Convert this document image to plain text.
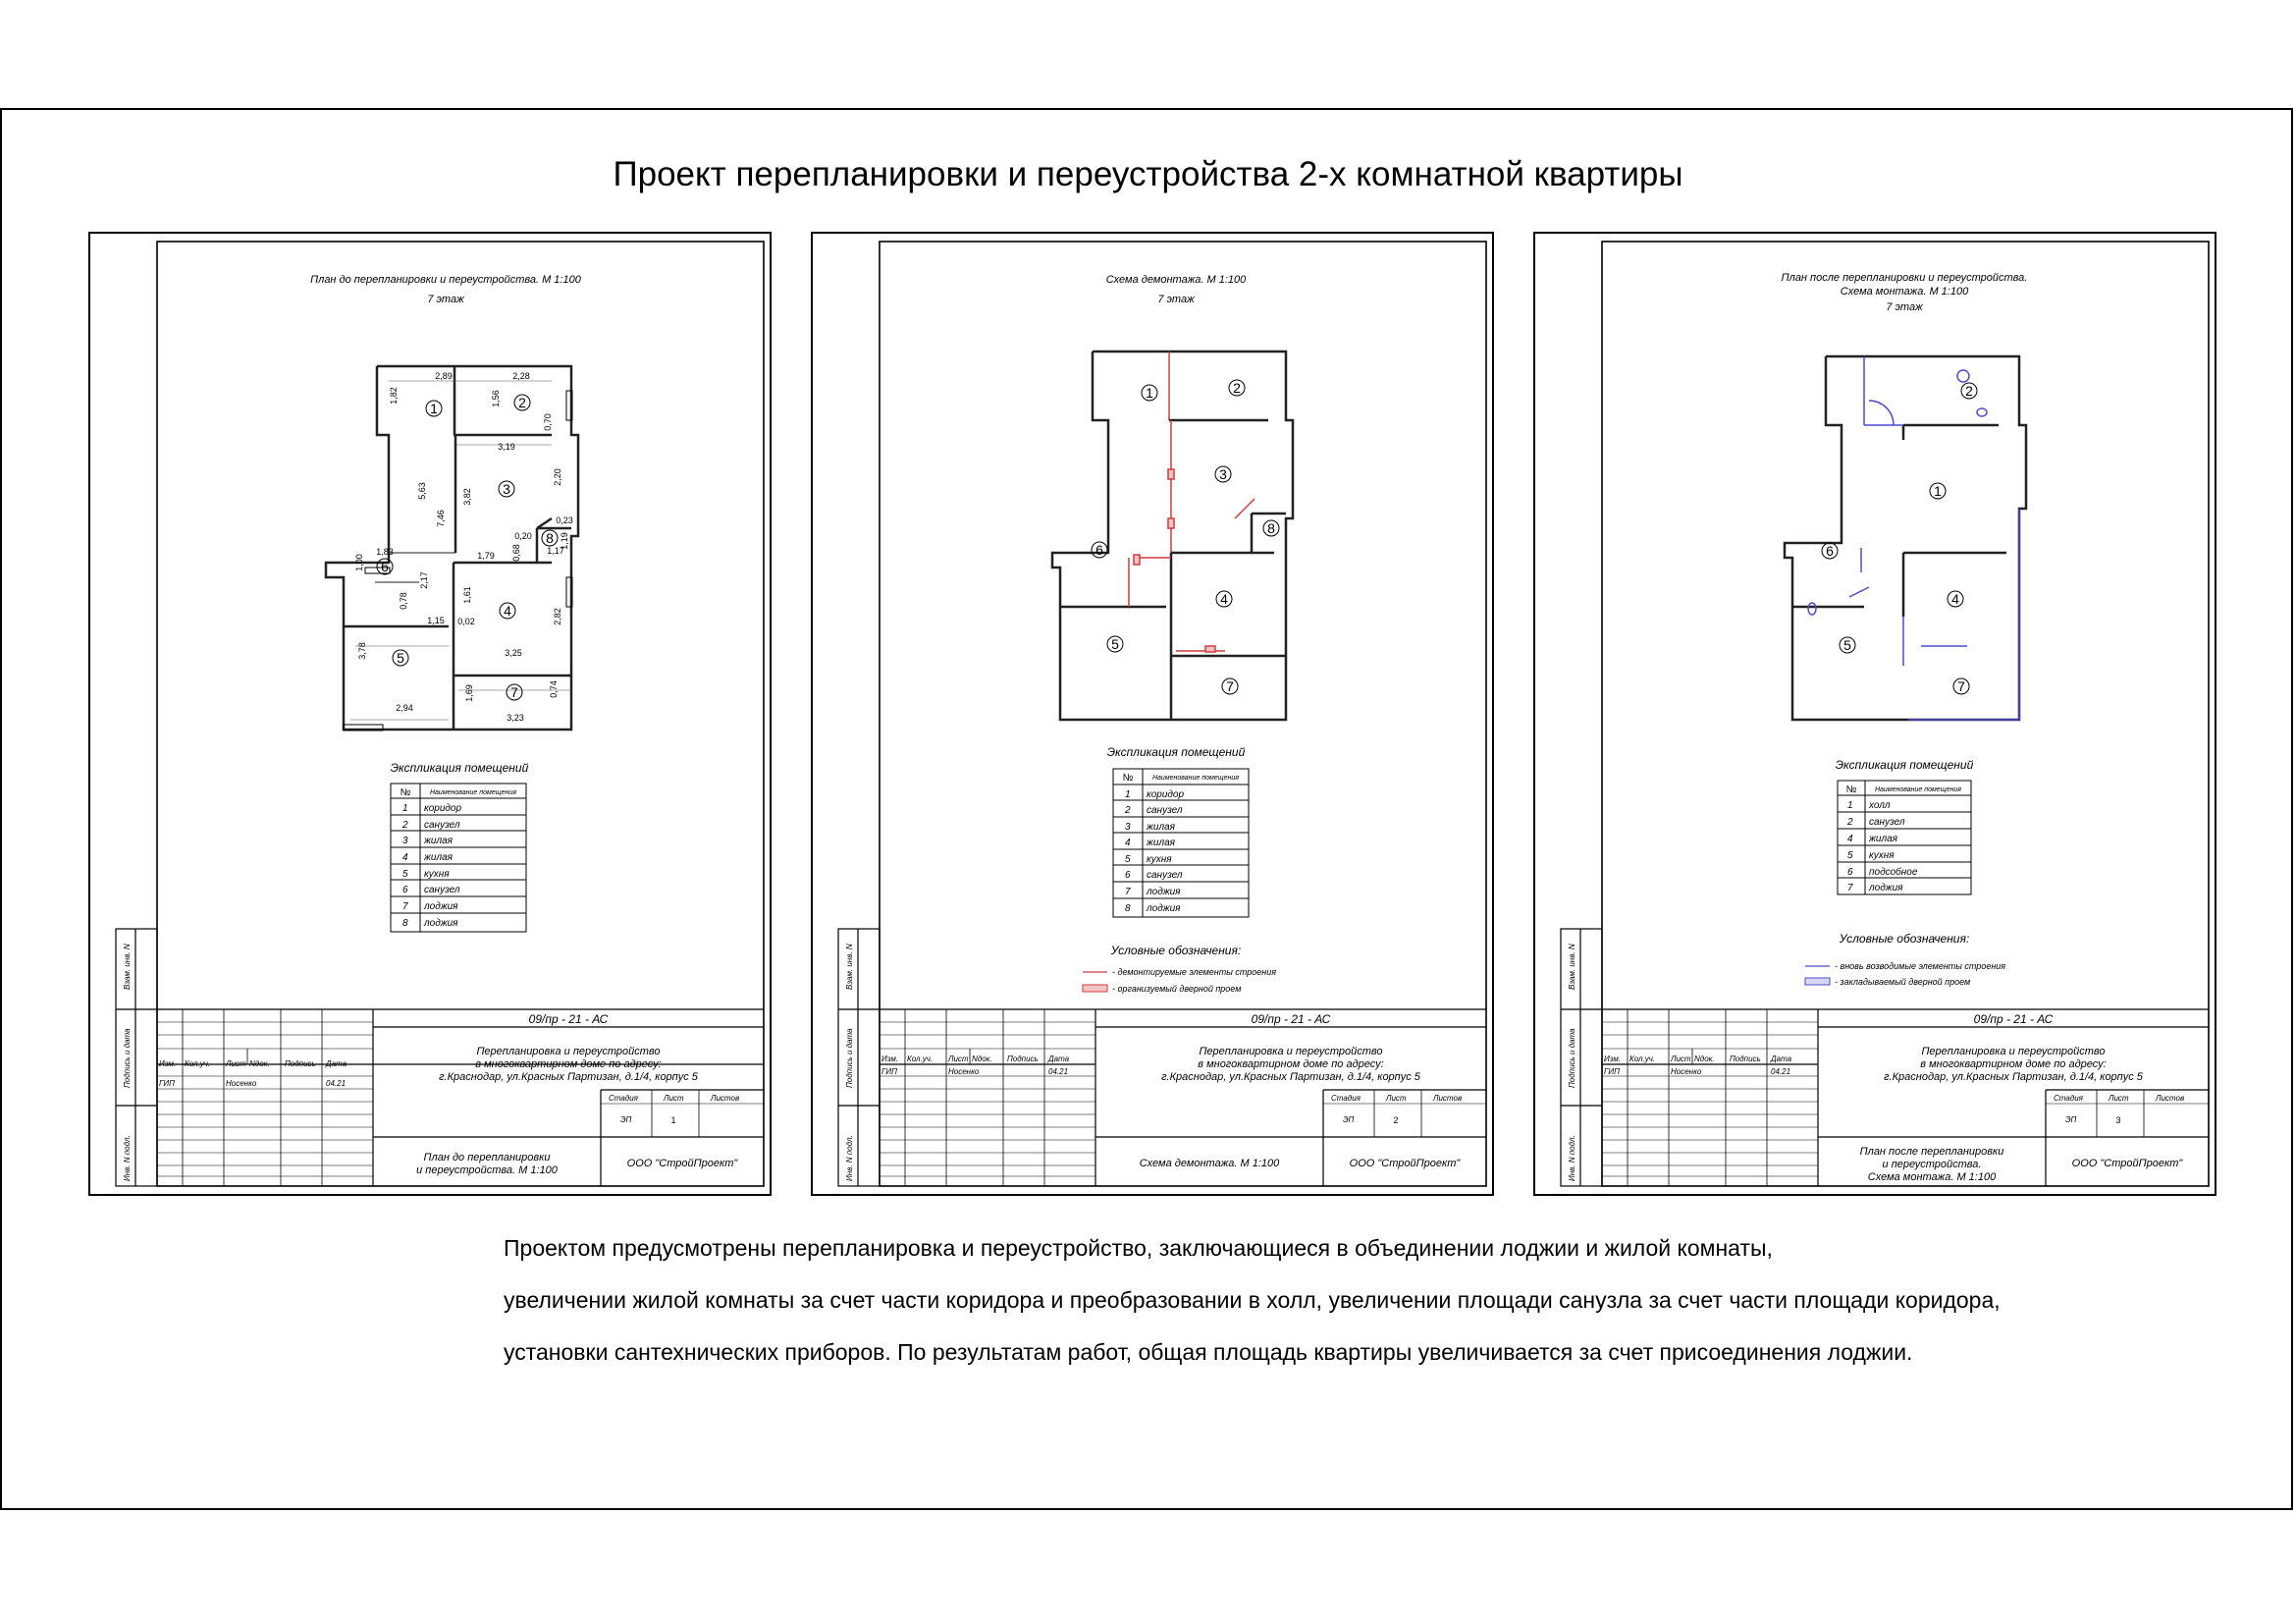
Проект перепланировки и переустройства 2-х комнатной квартиры
Взам. инв. N
Подпись и дата
Инв. N подл.
План до перепланировки и переустройства. М 1:100
7 этаж
1	2
3
8
6
4
5
7
2,89	2,28
1,82	1,56
0,70
3,19
5,63
7,46
3,82
2,20
0,20
0,23
1,19
1,17
1,83
1,00	1,79 0,68
0,78
2,17
1,61
1,15 0,02	2,82
3,78	3,25
0,74
1,69
2,94
3,23
Экспликация помещений
№	Наименование помещения
1 коридор
2 санузел
3 жилая
4 жилая
5 кухня
6 санузел
7 лоджия
8 лоджия
Изм. Кол.уч. Лист Nдок. Подпись Дата
ГИП	Носенко	04.21
Стадия	Лист	Листов
ЭП	1
09/пр - 21 - АС
Перепланировка и переустройство
в многоквартирном доме по адресу:
г.Краснодар, ул.Красных Партизан, д.1/4, корпус 5
План до перепланировки
и переустройства. М 1:100
ООО "СтройПроект"
Взам. инв. N
Подпись и дата
Инв. N подл.
Схема демонтажа. М 1:100
7 этаж
1	2
3
8
6
4
5
7
Экспликация помещений
№	Наименование помещения
1 коридор
2 санузел
3 жилая
4 жилая
5 кухня
6 санузел
7 лоджия
8 лоджия
Условные обозначения:
- демонтируемые элементы строения
- организуемый дверной проем
Изм. Кол.уч. Лист Nдок. Подпись Дата
ГИП	Носенко	04.21
Стадия	Лист	Листов
ЭП	2
09/пр - 21 - АС
Перепланировка и переустройство
в многоквартирном доме по адресу:
г.Краснодар, ул.Красных Партизан, д.1/4, корпус 5
Схема демонтажа. М 1:100	ООО "СтройПроект"
Взам. инв. N
Подпись и дата
Инв. N подл.
План после перепланировки и переустройства.
Схема монтажа. М 1:100
7 этаж
2
1
6
4
5
7
Экспликация помещений
№	Наименование помещения
1 холл
2 санузел
4 жилая
5 кухня
6 подсобное
7 лоджия
Условные обозначения:
- вновь возводимые элементы строения
- закладываемый дверной проем
Изм. Кол.уч. Лист Nдок. Подпись Дата
ГИП	Носенко	04.21
Стадия	Лист	Листов
ЭП	3
09/пр - 21 - АС
Перепланировка и переустройство
в многоквартирном доме по адресу:
г.Краснодар, ул.Красных Партизан, д.1/4, корпус 5
План после перепланировки
и переустройства.
Схема монтажа. М 1:100
ООО "СтройПроект"
Проектом предусмотрены перепланировка и переустройство, заключающиеся в объединении лоджии и жилой комнаты,
увеличении жилой комнаты за счет части коридора и преобразовании в холл, увеличении площади санузла за счет части площади коридора,
установки сантехнических приборов. По результатам работ, общая площадь квартиры увеличивается за счет присоединения лоджии.
